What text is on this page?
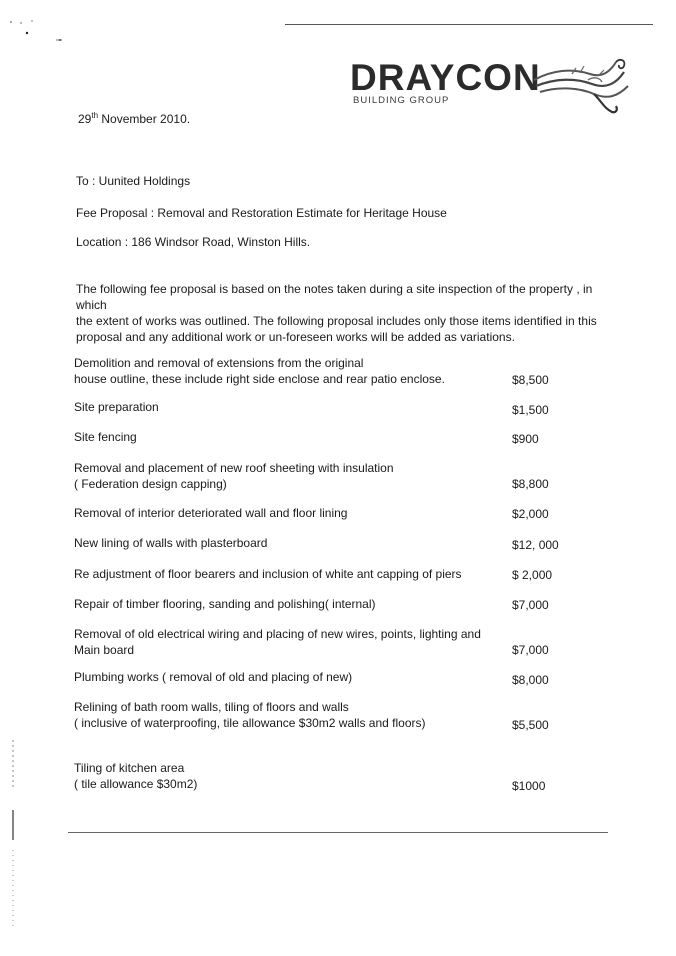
DRAYCON
BUILDING GROUP
29th November 2010.
To : Uunited Holdings
Fee Proposal : Removal and Restoration Estimate for Heritage House
Location : 186 Windsor Road, Winston Hills.
The following fee proposal is based on the notes taken during a site inspection of the property , in which
the extent of works was outlined. The following proposal includes only those items identified in this
proposal and any additional work or un-foreseen works will be added as variations.
Demolition and removal of extensions from the original
house outline, these include right side enclose and rear patio enclose.	$8,500
Site preparation	$1,500
Site fencing	$900
Removal and placement of new roof sheeting with insulation
( Federation design capping)	$8,800
Removal of interior deteriorated wall and floor lining	$2,000
New lining of walls with plasterboard	$12, 000
Re adjustment of floor bearers and inclusion of white ant capping of piers	$ 2,000
Repair of timber flooring, sanding and polishing( internal)	$7,000
Removal of old electrical wiring and placing of new wires, points, lighting and
Main board	$7,000
Plumbing works ( removal of old and placing of new)	$8,000
Relining of bath room walls, tiling of floors and walls
( inclusive of waterproofing, tile allowance $30m2 walls and floors)	$5,500
Tiling of kitchen area
( tile allowance $30m2)	$1000
